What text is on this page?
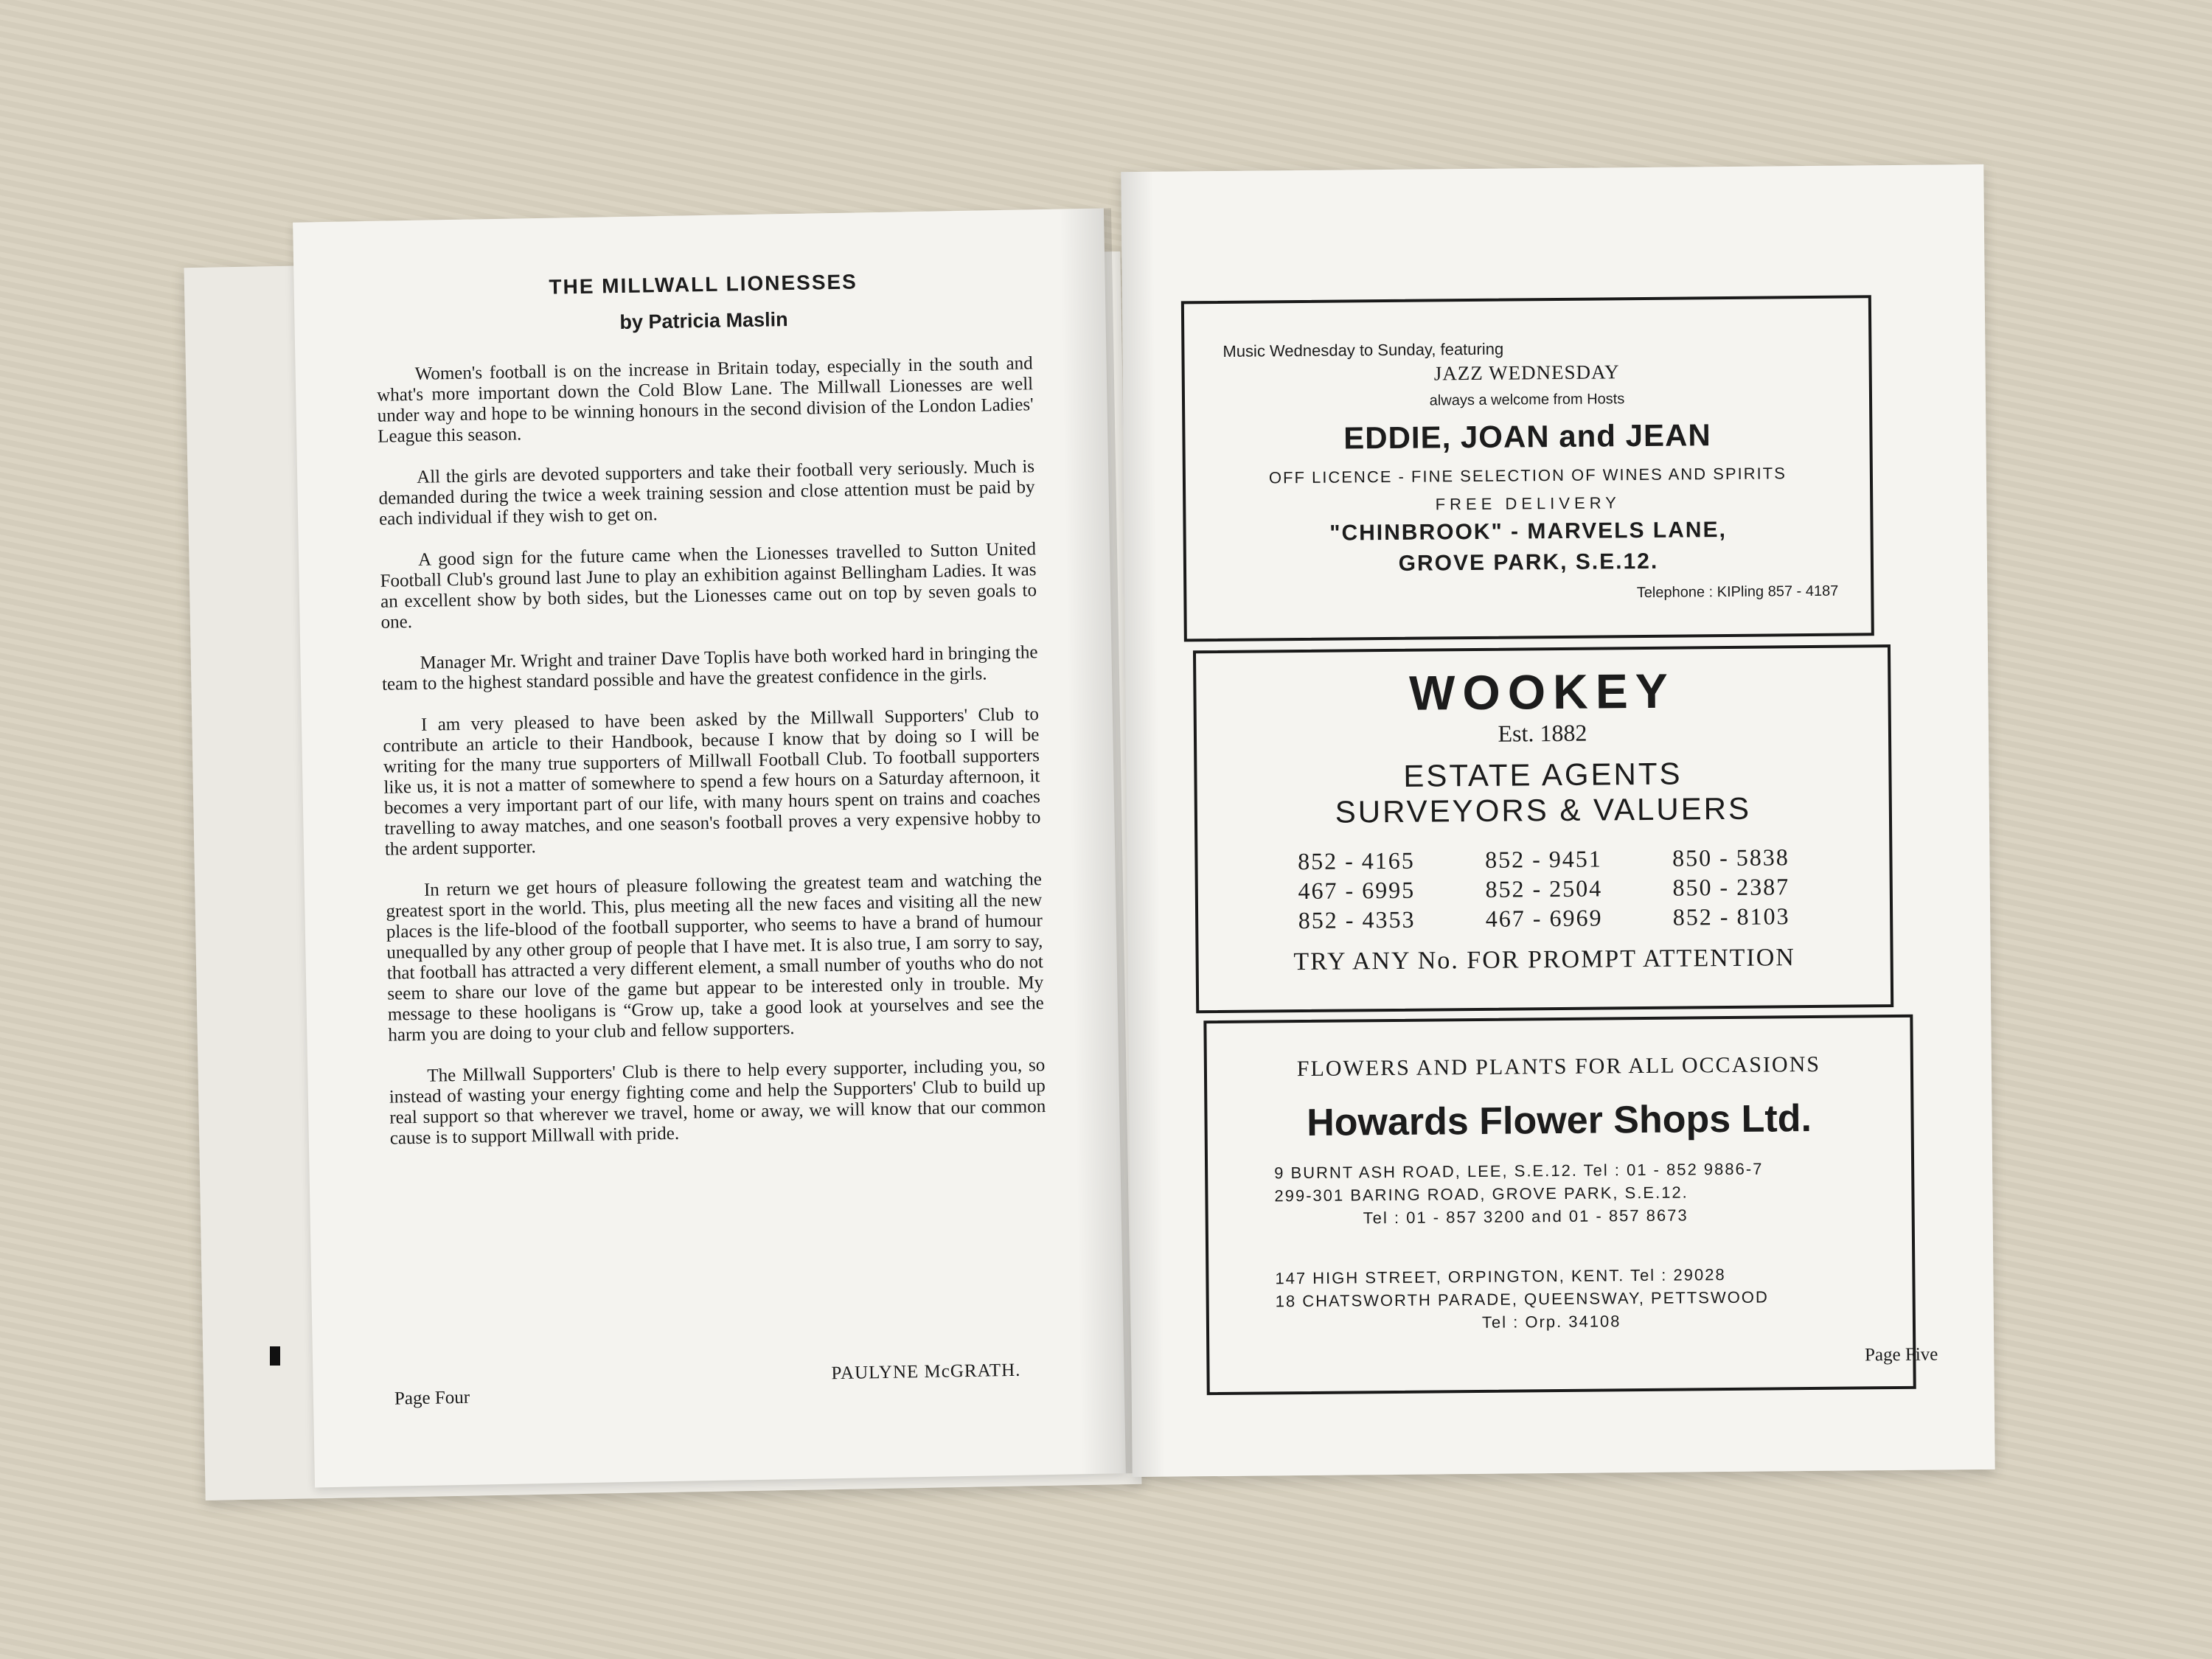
THE MILLWALL LIONESSES
by Patricia Maslin

Women's football is on the increase in Britain today, especially in the south and what's more important down the Cold Blow Lane. The Millwall Lionesses are well under way and hope to be winning honours in the second division of the London Ladies' League this season.

All the girls are devoted supporters and take their football very seriously. Much is demanded during the twice a week training session and close attention must be paid by each individual if they wish to get on.

A good sign for the future came when the Lionesses travelled to Sutton United Football Club's ground last June to play an exhibition against Bellingham Ladies. It was an excellent show by both sides, but the Lionesses came out on top by seven goals to one.

Manager Mr. Wright and trainer Dave Toplis have both worked hard in bringing the team to the highest standard possible and have the greatest confidence in the girls.

I am very pleased to have been asked by the Millwall Supporters' Club to contribute an article to their Handbook, because I know that by doing so I will be writing for the many true supporters of Millwall Football Club. To football supporters like us, it is not a matter of somewhere to spend a few hours on a Saturday afternoon, it becomes a very important part of our life, with many hours spent on trains and coaches travelling to away matches, and one season's football proves a very expensive hobby to the ardent supporter.

In return we get hours of pleasure following the greatest team and watching the greatest sport in the world. This, plus meeting all the new faces and visiting all the new places is the life-blood of the football supporter, who seems to have a brand of humour unequalled by any other group of people that I have met. It is also true, I am sorry to say, that football has attracted a very different element, a small number of youths who do not seem to share our love of the game but appear to be interested only in trouble. My message to these hooligans is “Grow up, take a good look at yourselves and see the harm you are doing to your club and fellow supporters.

The Millwall Supporters' Club is there to help every supporter, including you, so instead of wasting your energy fighting come and help the Supporters' Club to build up real support so that wherever we travel, home or away, we will know that our common cause is to support Millwall with pride.

Page Four
PAULYNE McGRATH.
Music Wednesday to Sunday, featuring
JAZZ WEDNESDAY
always a welcome from Hosts
EDDIE, JOAN and JEAN
OFF LICENCE - FINE SELECTION OF WINES AND SPIRITS
FREE DELIVERY
"CHINBROOK" - MARVELS LANE,
GROVE PARK, S.E.12.
Telephone : KIPling 857 - 4187
WOOKEY
Est. 1882
ESTATE AGENTS
SURVEYORS & VALUERS
852 - 4165	852 - 9451	850 - 5838
467 - 6995	852 - 2504	850 - 2387
852 - 4353	467 - 6969	852 - 8103
TRY ANY No. FOR PROMPT ATTENTION
FLOWERS AND PLANTS FOR ALL OCCASIONS
Howards Flower Shops Ltd.
9 BURNT ASH ROAD, LEE, S.E.12. Tel : 01 - 852 9886-7
299-301 BARING ROAD, GROVE PARK, S.E.12.
Tel : 01 - 857 3200 and 01 - 857 8673
147 HIGH STREET, ORPINGTON, KENT. Tel : 29028
18 CHATSWORTH PARADE, QUEENSWAY, PETTSWOOD
Tel : Orp. 34108
Page Five
